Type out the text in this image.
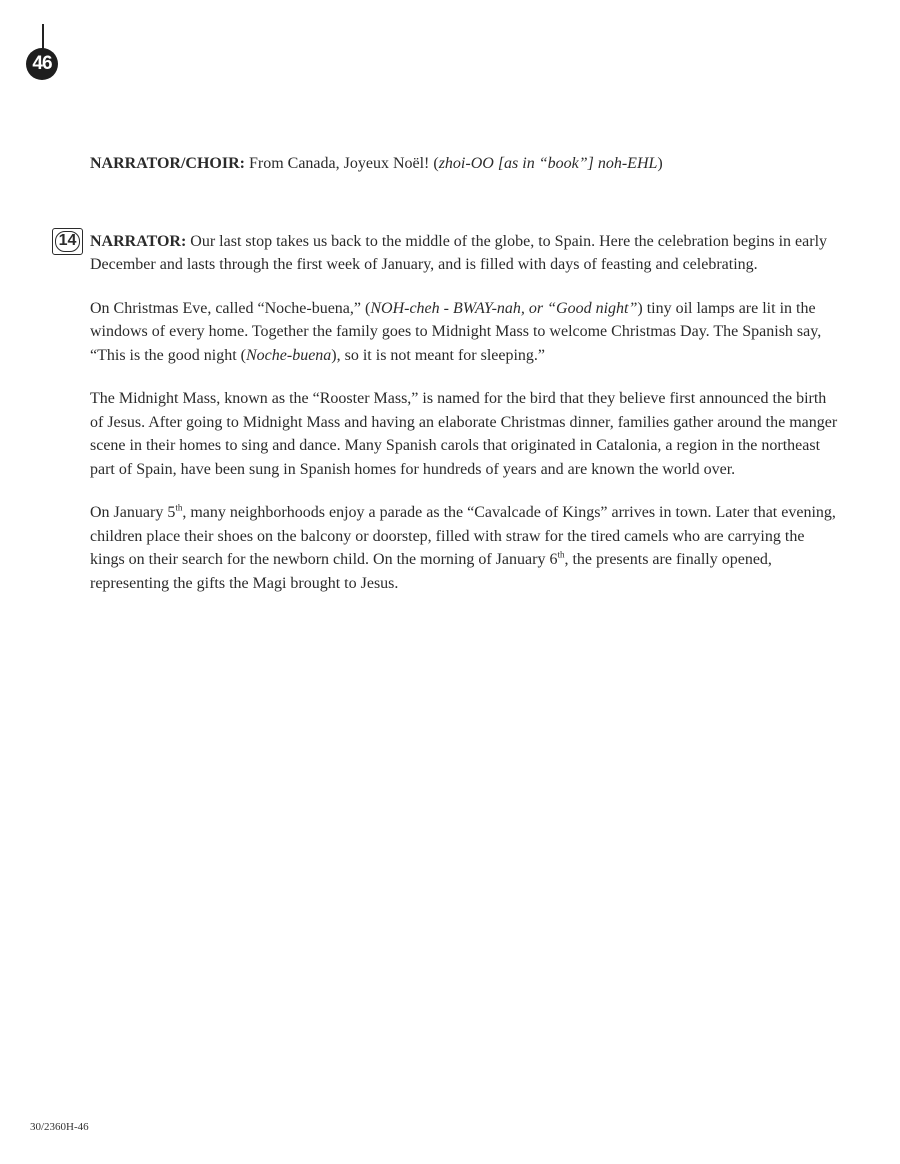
46

NARRATOR/CHOIR: From Canada, Joyeux Noël! (zhoi-OO [as in “book”] noh-EHL)

14 NARRATOR: Our last stop takes us back to the middle of the globe, to Spain. Here the celebration begins in early December and lasts through the first week of January, and is filled with days of feasting and celebrating.

On Christmas Eve, called “Noche-buena,” (NOH-cheh - BWAY-nah, or “Good night”) tiny oil lamps are lit in the windows of every home. Together the family goes to Midnight Mass to welcome Christmas Day. The Spanish say, “This is the good night (Noche-buena), so it is not meant for sleeping.”

The Midnight Mass, known as the “Rooster Mass,” is named for the bird that they believe first announced the birth of Jesus. After going to Midnight Mass and having an elaborate Christmas dinner, families gather around the manger scene in their homes to sing and dance. Many Spanish carols that originated in Catalonia, a region in the northeast part of Spain, have been sung in Spanish homes for hundreds of years and are known the world over.

On January 5th, many neighborhoods enjoy a parade as the “Cavalcade of Kings” arrives in town. Later that evening, children place their shoes on the balcony or doorstep, filled with straw for the tired camels who are carrying the kings on their search for the newborn child. On the morning of January 6th, the presents are finally opened, representing the gifts the Magi brought to Jesus.

30/2360H-46
